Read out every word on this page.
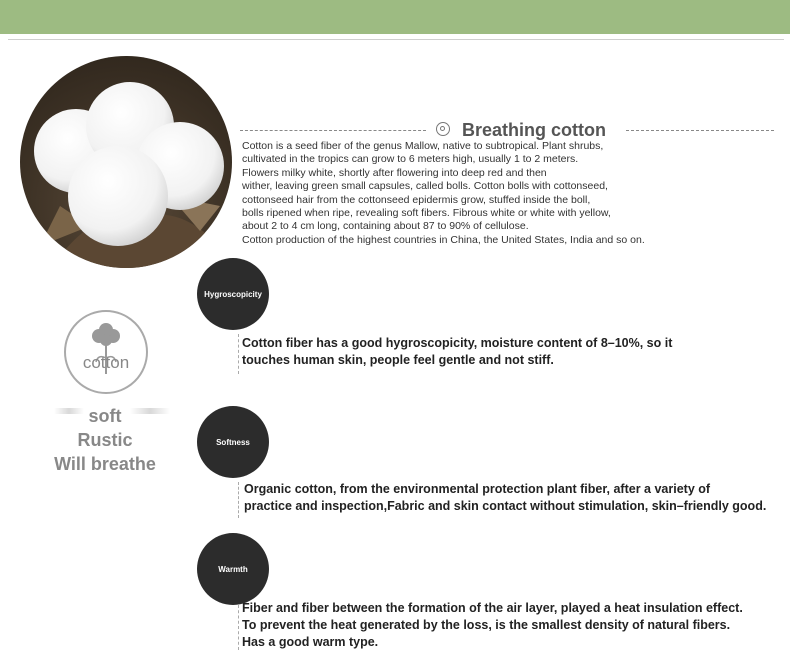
Breathing cotton
Cotton is a seed fiber of the genus Mallow, native to subtropical. Plant shrubs,
cultivated in the tropics can grow to 6 meters high, usually 1 to 2 meters.
Flowers milky white, shortly after flowering into deep red and then
wither, leaving green small capsules, called bolls. Cotton bolls with cottonseed,
cottonseed hair from the cottonseed epidermis grow, stuffed inside the boll,
bolls ripened when ripe, revealing soft fibers. Fibrous white or white with yellow,
about 2 to 4 cm long, containing about 87 to 90% of cellulose.
Cotton production of the highest countries in China, the United States, India and so on.
cotton
soft
Rustic
Will breathe
Hygroscopicity
Cotton fiber has a good hygroscopicity, moisture content of 8–10%, so it
touches human skin, people feel gentle and not stiff.
Softness
Organic cotton, from the environmental protection plant fiber, after a variety of
practice and inspection,Fabric and skin contact without stimulation, skin–friendly good.
Warmth
Fiber and fiber between the formation of the air layer, played a heat insulation effect.
To prevent the heat generated by the loss, is the smallest density of natural fibers.
Has a good warm type.
